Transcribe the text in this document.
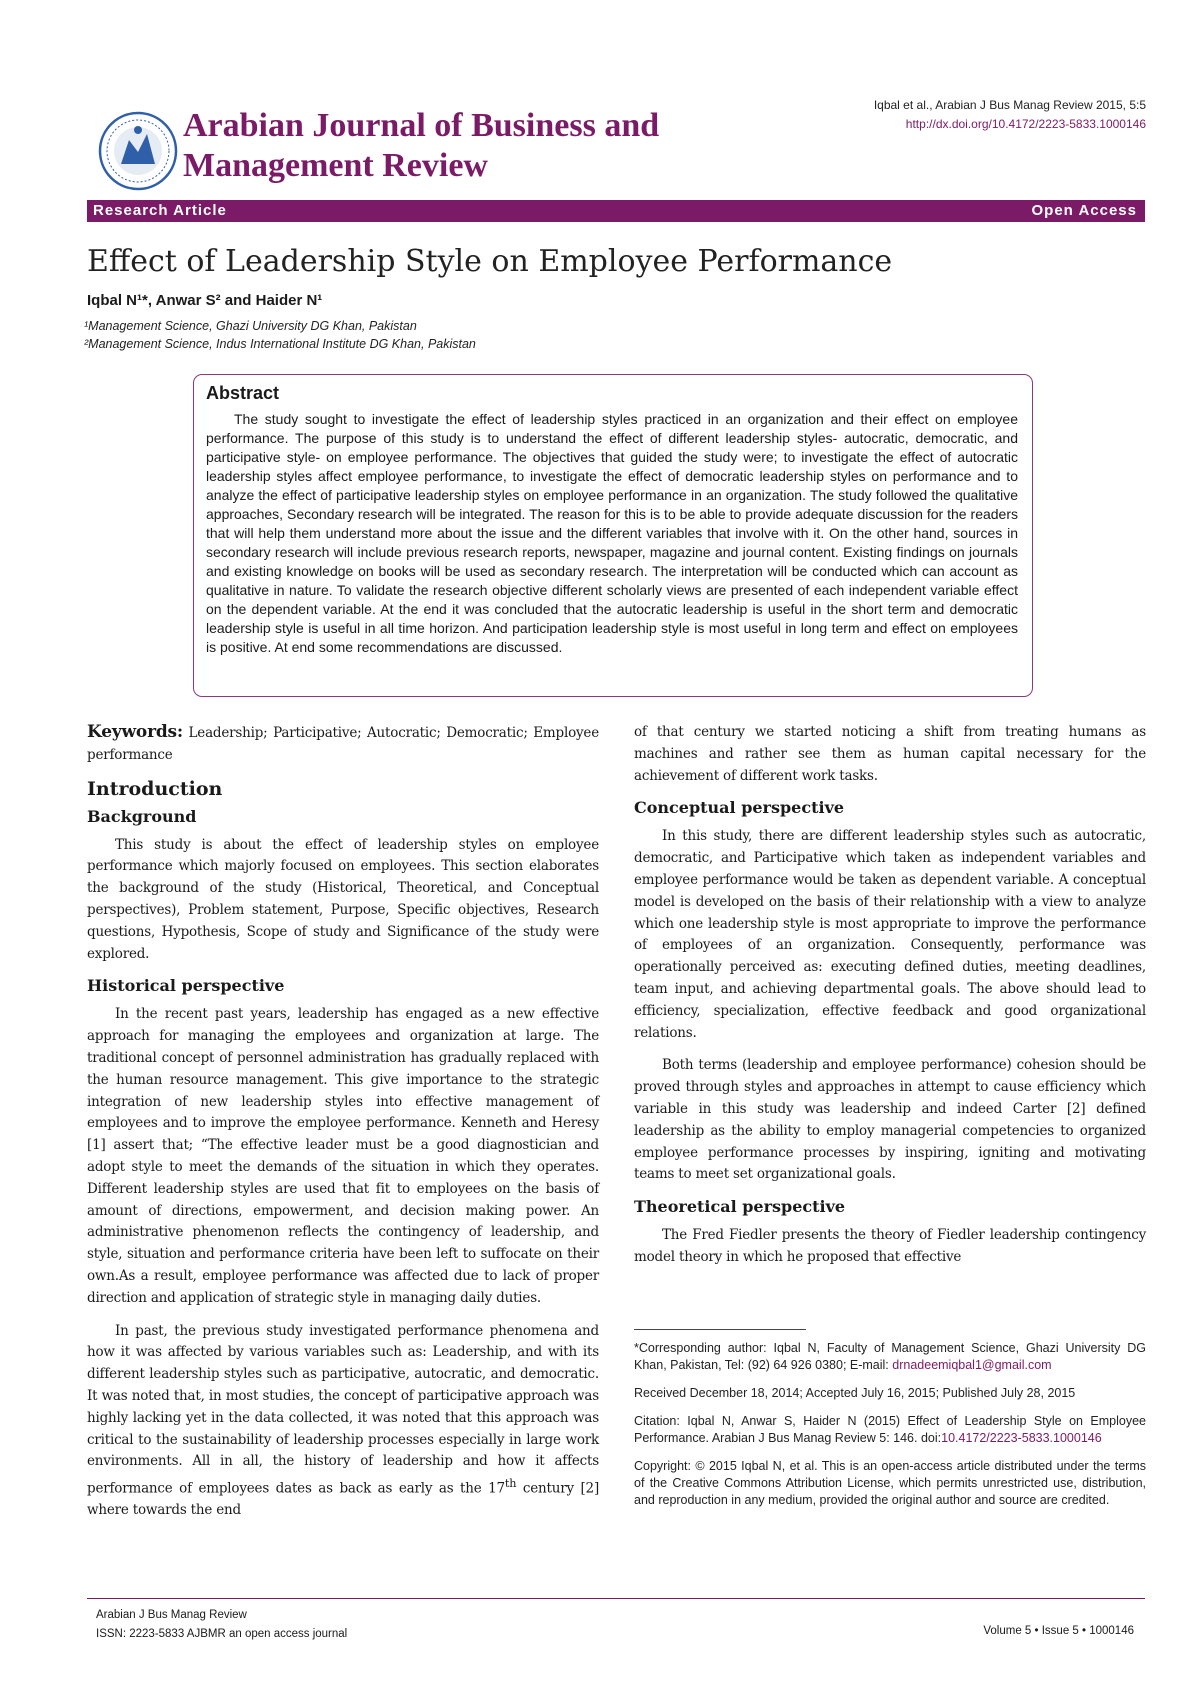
Arabian Journal of Business and
Management Review
Iqbal et al., Arabian J Bus Manag Review 2015, 5:5
http://dx.doi.org/10.4172/2223-5833.1000146
Research Article	Open Access
Effect of Leadership Style on Employee Performance
Iqbal N¹*, Anwar S² and Haider N¹
¹Management Science, Ghazi University DG Khan, Pakistan
²Management Science, Indus International Institute DG Khan, Pakistan
Abstract
The study sought to investigate the effect of leadership styles practiced in an organization and their effect on employee performance. The purpose of this study is to understand the effect of different leadership styles- autocratic, democratic, and participative style- on employee performance. The objectives that guided the study were; to investigate the effect of autocratic leadership styles affect employee performance, to investigate the effect of democratic leadership styles on performance and to analyze the effect of participative leadership styles on employee performance in an organization. The study followed the qualitative approaches, Secondary research will be integrated. The reason for this is to be able to provide adequate discussion for the readers that will help them understand more about the issue and the different variables that involve with it. On the other hand, sources in secondary research will include previous research reports, newspaper, magazine and journal content. Existing findings on journals and existing knowledge on books will be used as secondary research. The interpretation will be conducted which can account as qualitative in nature. To validate the research objective different scholarly views are presented of each independent variable effect on the dependent variable. At the end it was concluded that the autocratic leadership is useful in the short term and democratic leadership style is useful in all time horizon. And participation leadership style is most useful in long term and effect on employees is positive. At end some recommendations are discussed.

Keywords: Leadership; Participative; Autocratic; Democratic; Employee performance

Introduction
Background

This study is about the effect of leadership styles on employee performance which majorly focused on employees. This section elaborates the background of the study (Historical, Theoretical, and Conceptual perspectives), Problem statement, Purpose, Specific objectives, Research questions, Hypothesis, Scope of study and Significance of the study were explored.

Historical perspective

In the recent past years, leadership has engaged as a new effective approach for managing the employees and organization at large. The traditional concept of personnel administration has gradually replaced with the human resource management. This give importance to the strategic integration of new leadership styles into effective management of employees and to improve the employee performance. Kenneth and Heresy [1] assert that; “The effective leader must be a good diagnostician and adopt style to meet the demands of the situation in which they operates. Different leadership styles are used that fit to employees on the basis of amount of directions, empowerment, and decision making power. An administrative phenomenon reflects the contingency of leadership, and style, situation and performance criteria have been left to suffocate on their own.As a result, employee performance was affected due to lack of proper direction and application of strategic style in managing daily duties.

In past, the previous study investigated performance phenomena and how it was affected by various variables such as: Leadership, and with its different leadership styles such as participative, autocratic, and democratic. It was noted that, in most studies, the concept of participative approach was highly lacking yet in the data collected, it was noted that this approach was critical to the sustainability of leadership processes especially in large work environments. All in all, the history of leadership and how it affects performance of employees dates as back as early as the 17th century [2] where towards the end

of that century we started noticing a shift from treating humans as machines and rather see them as human capital necessary for the achievement of different work tasks.

Conceptual perspective

In this study, there are different leadership styles such as autocratic, democratic, and Participative which taken as independent variables and employee performance would be taken as dependent variable. A conceptual model is developed on the basis of their relationship with a view to analyze which one leadership style is most appropriate to improve the performance of employees of an organization. Consequently, performance was operationally perceived as: executing defined duties, meeting deadlines, team input, and achieving departmental goals. The above should lead to efficiency, specialization, effective feedback and good organizational relations.

Both terms (leadership and employee performance) cohesion should be proved through styles and approaches in attempt to cause efficiency which variable in this study was leadership and indeed Carter [2] defined leadership as the ability to employ managerial competencies to organized employee performance processes by inspiring, igniting and motivating teams to meet set organizational goals.

Theoretical perspective

The Fred Fiedler presents the theory of Fiedler leadership contingency model theory in which he proposed that effective

*Corresponding author: Iqbal N, Faculty of Management Science, Ghazi University DG Khan, Pakistan, Tel: (92) 64 926 0380; E-mail: drnadeemiqbal1@gmail.com

Received December 18, 2014; Accepted July 16, 2015; Published July 28, 2015

Citation: Iqbal N, Anwar S, Haider N (2015) Effect of Leadership Style on Employee Performance. Arabian J Bus Manag Review 5: 146. doi:10.4172/2223-5833.1000146

Copyright: © 2015 Iqbal N, et al. This is an open-access article distributed under the terms of the Creative Commons Attribution License, which permits unrestricted use, distribution, and reproduction in any medium, provided the original author and source are credited.

Arabian J Bus Manag Review
ISSN: 2223-5833 AJBMR an open access journal	Volume 5 • Issue 5 • 1000146
